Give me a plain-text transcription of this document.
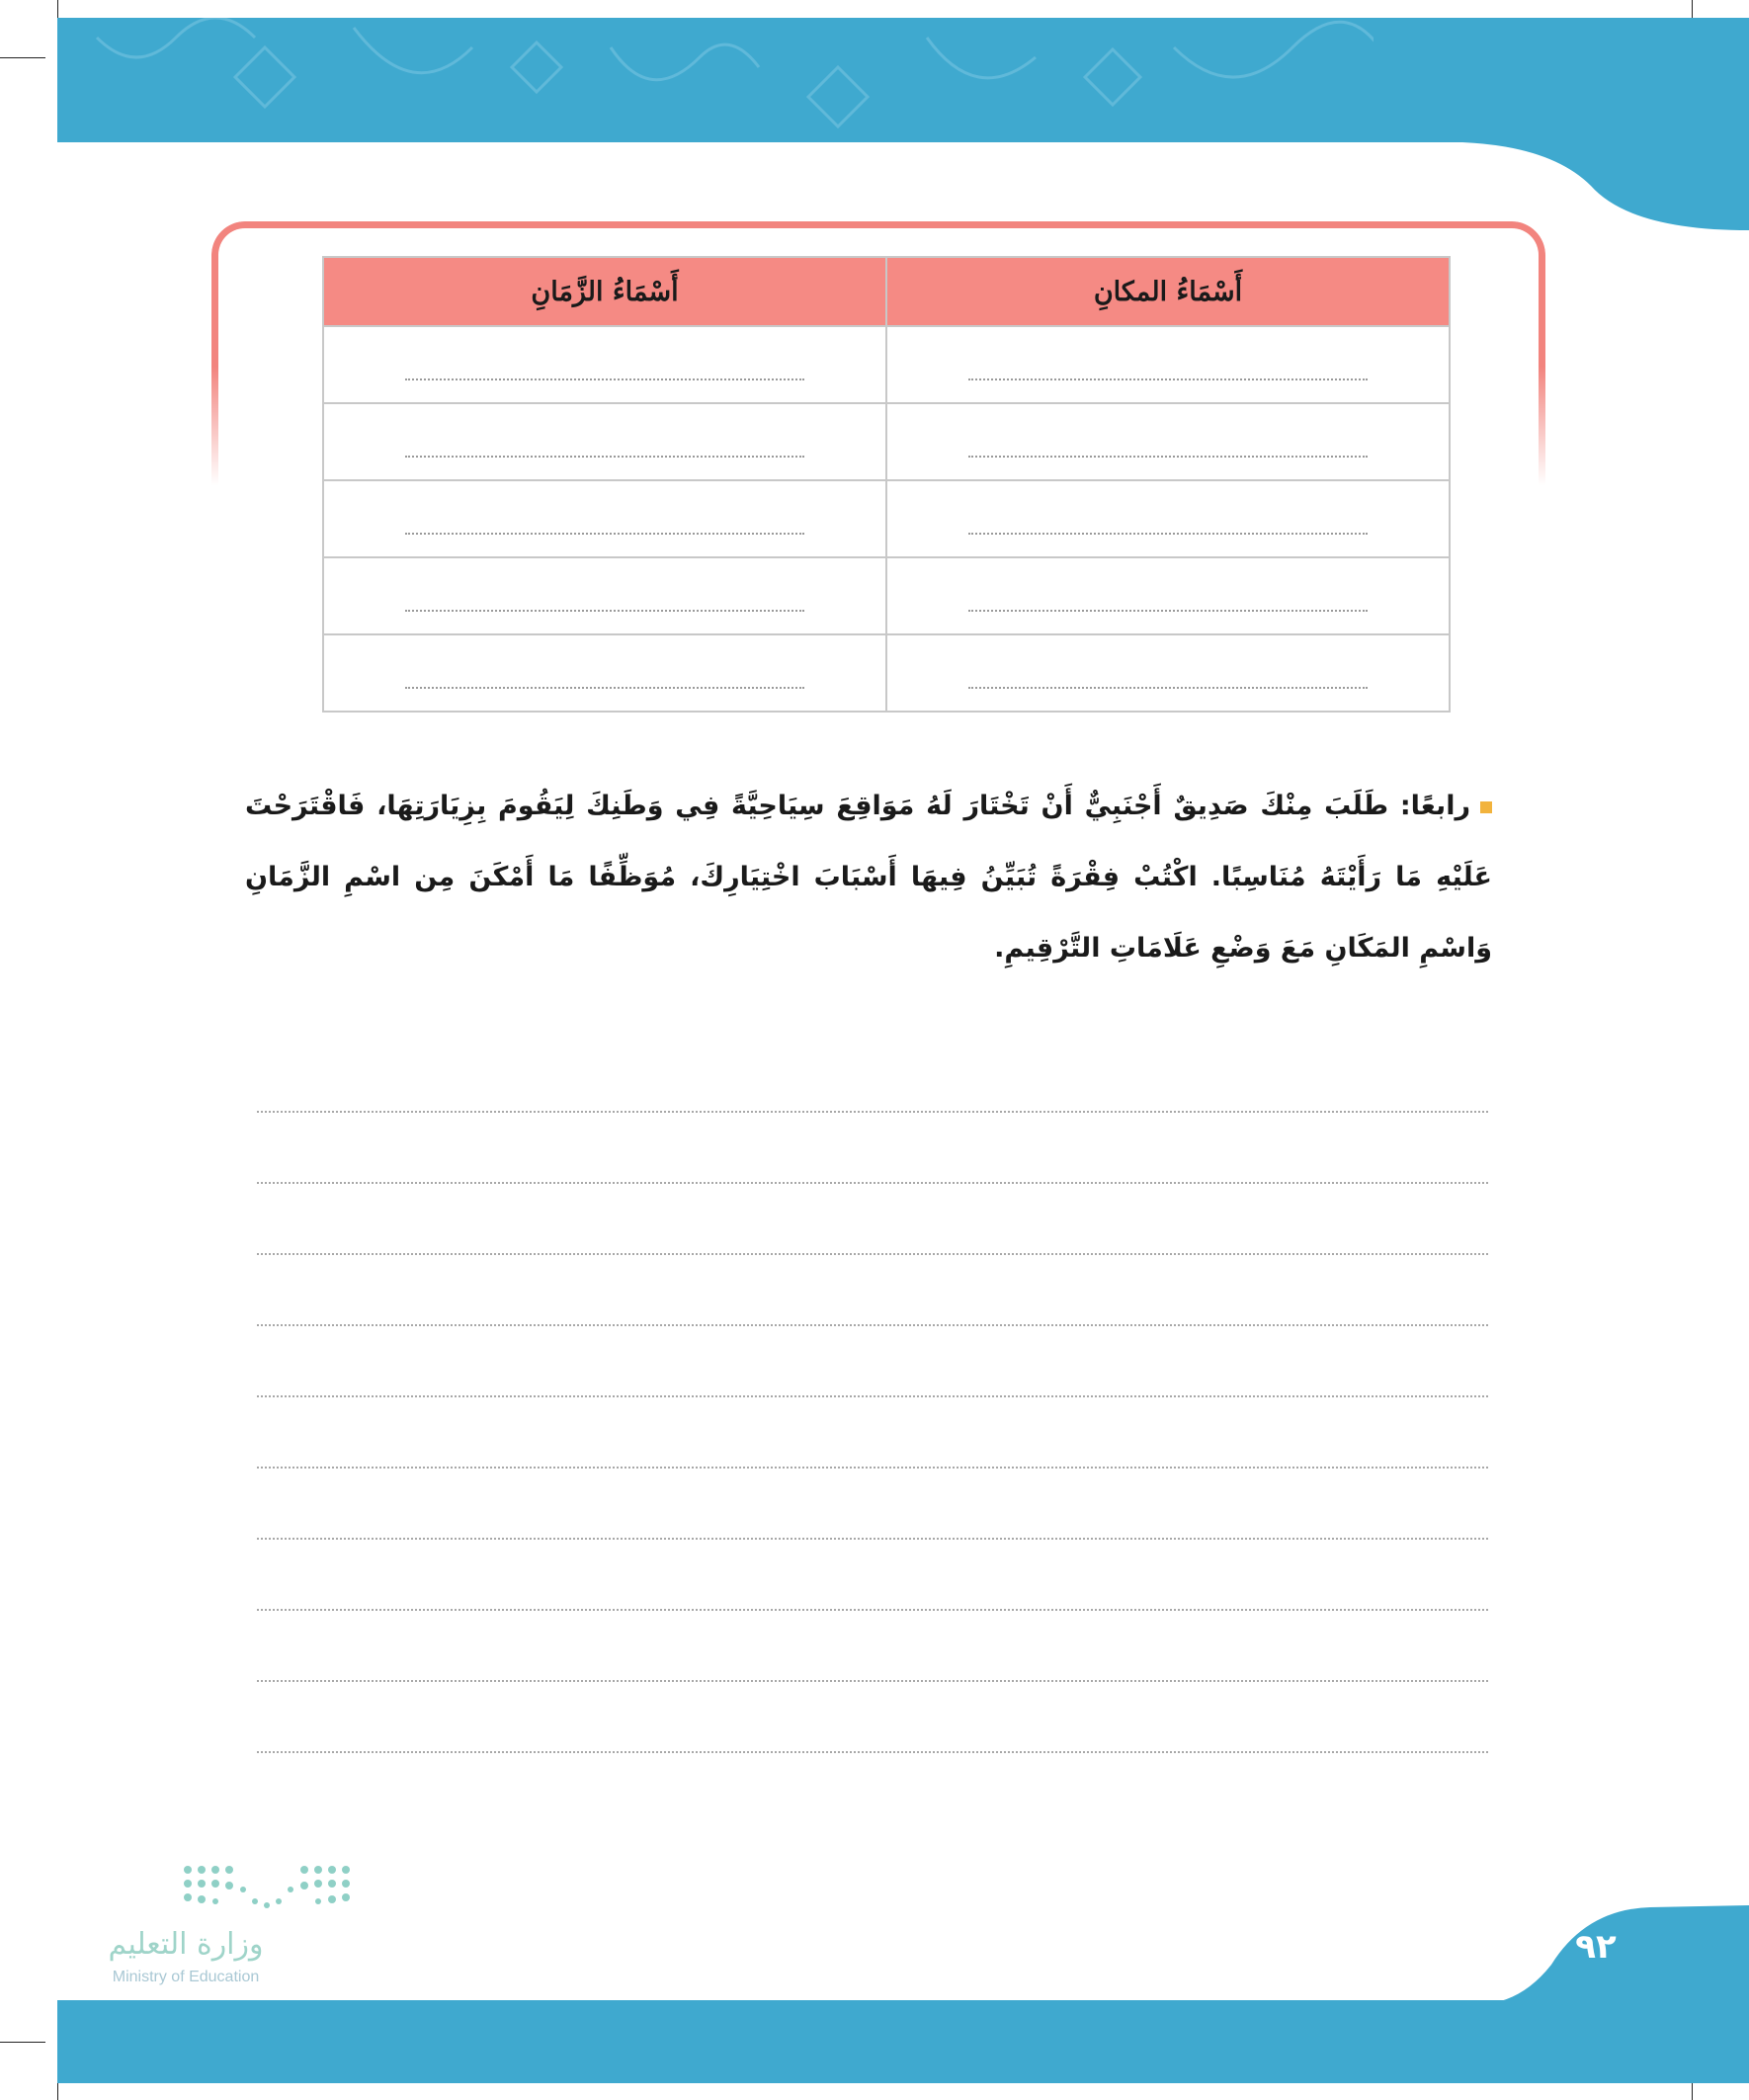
أَسْمَاءُ المكانِ	أَسْمَاءُ الزَّمَانِ

رابعًا: طَلَبَ مِنْكَ صَدِيقٌ أَجْنَبِيٌّ أَنْ تَخْتَارَ لَهُ مَوَاقِعَ سِيَاحِيَّةً فِي وَطَنِكَ لِيَقُومَ بِزِيَارَتِهَا، فَاقْتَرَحْتَ عَلَيْهِ مَا رَأَيْتَهُ مُنَاسِبًا. اكْتُبْ فِقْرَةً تُبَيِّنُ فِيهَا أَسْبَابَ اخْتِيَارِكَ، مُوَظِّفًا مَا أَمْكَنَ مِن اسْمِ الزَّمَانِ وَاسْمِ المَكَانِ مَعَ وَضْعِ عَلَامَاتِ التَّرْقِيمِ.
وزارة التعليم
Ministry of Education
٩٢
